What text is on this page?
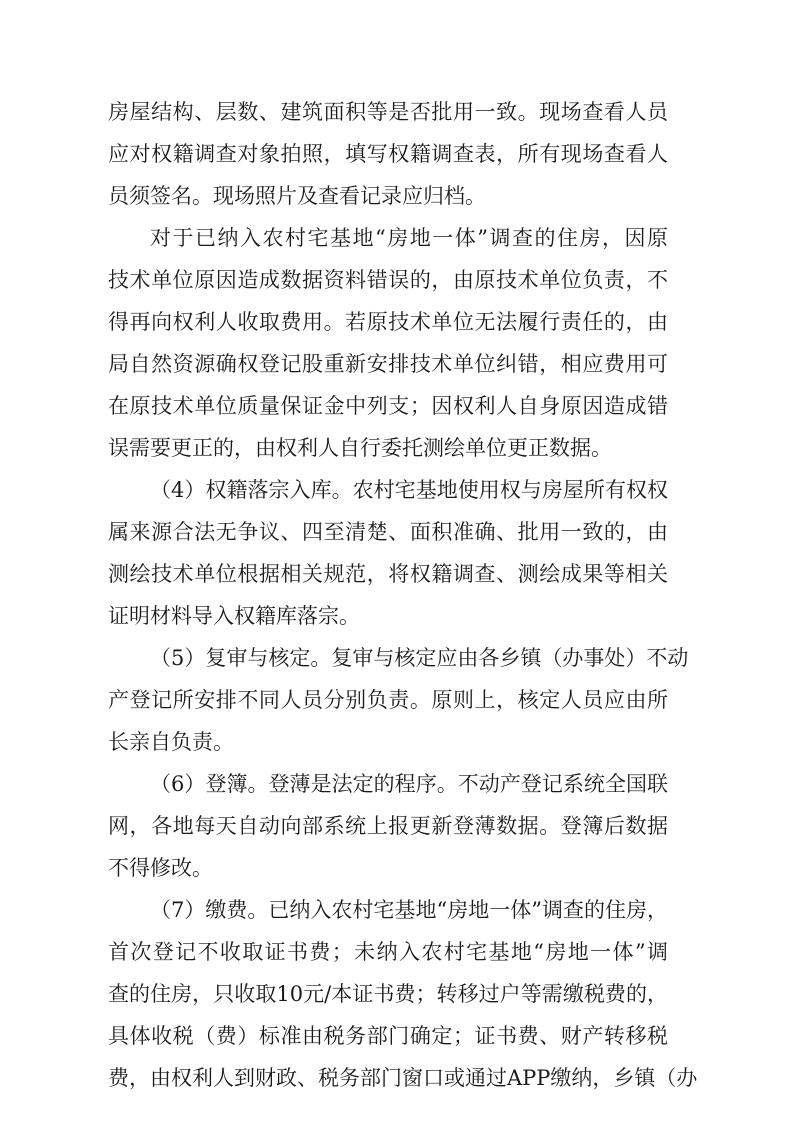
房屋结构、层数、建筑面积等是否批用一致。现场查看人员
应对权籍调查对象拍照，填写权籍调查表，所有现场查看人
员须签名。现场照片及查看记录应归档。
对于已纳入农村宅基地“房地一体”调查的住房，因原
技术单位原因造成数据资料错误的，由原技术单位负责，不
得再向权利人收取费用。若原技术单位无法履行责任的，由
局自然资源确权登记股重新安排技术单位纠错，相应费用可
在原技术单位质量保证金中列支；因权利人自身原因造成错
误需要更正的，由权利人自行委托测绘单位更正数据。
（4）权籍落宗入库。农村宅基地使用权与房屋所有权权
属来源合法无争议、四至清楚、面积准确、批用一致的，由
测绘技术单位根据相关规范，将权籍调查、测绘成果等相关
证明材料导入权籍库落宗。
（5）复审与核定。复审与核定应由各乡镇（办事处）不动
产登记所安排不同人员分别负责。原则上，核定人员应由所
长亲自负责。
（6）登簿。登薄是法定的程序。不动产登记系统全国联
网，各地每天自动向部系统上报更新登薄数据。登簿后数据
不得修改。
（7）缴费。已纳入农村宅基地“房地一体”调查的住房，
首次登记不收取证书费；未纳入农村宅基地“房地一体”调
查的住房，只收取10元/本证书费；转移过户等需缴税费的，
具体收税（费）标准由税务部门确定；证书费、财产转移税
费，由权利人到财政、税务部门窗口或通过APP缴纳，乡镇（办
